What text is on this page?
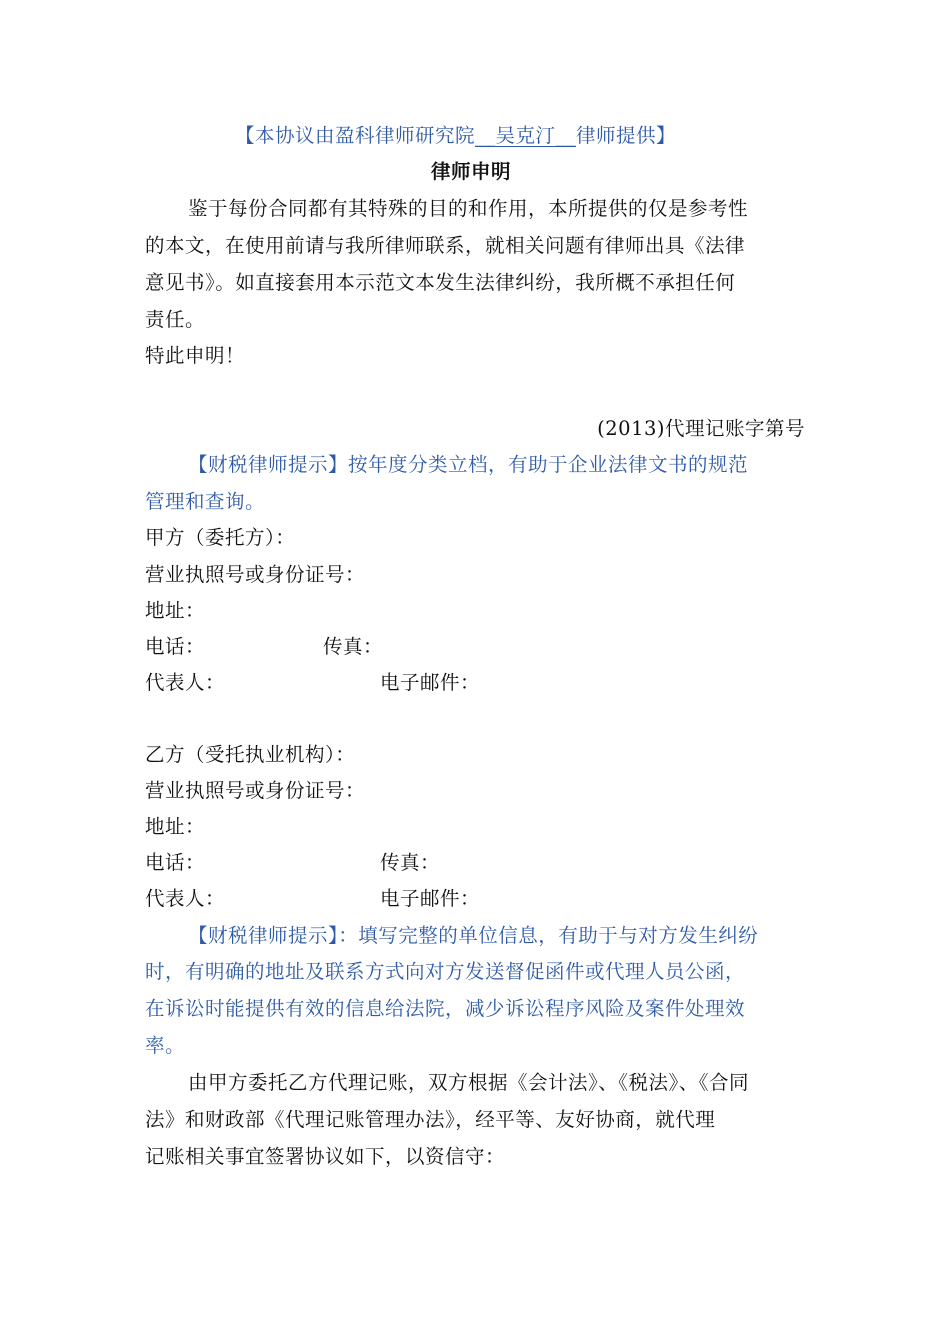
【本协议由盈科律师研究院__吴克汀__律师提供】
律师申明
鉴于每份合同都有其特殊的目的和作用，本所提供的仅是参考性
的本文，在使用前请与我所律师联系，就相关问题有律师出具《法律
意见书》。如直接套用本示范文本发生法律纠纷，我所概不承担任何
责任。
特此申明！
(2013)代理记账字第号
【财税律师提示】按年度分类立档，有助于企业法律文书的规范
管理和查询。
甲方（委托方）：
营业执照号或身份证号：
地址：
电话：	传真：
代表人：	电子邮件：
乙方（受托执业机构）：
营业执照号或身份证号：
地址：
电话：	传真：
代表人：	电子邮件：
【财税律师提示】：填写完整的单位信息，有助于与对方发生纠纷
时，有明确的地址及联系方式向对方发送督促函件或代理人员公函，
在诉讼时能提供有效的信息给法院，减少诉讼程序风险及案件处理效
率。
由甲方委托乙方代理记账，双方根据《会计法》、《税法》、《合同
法》和财政部《代理记账管理办法》，经平等、友好协商，就代理
记账相关事宜签署协议如下，以资信守：
